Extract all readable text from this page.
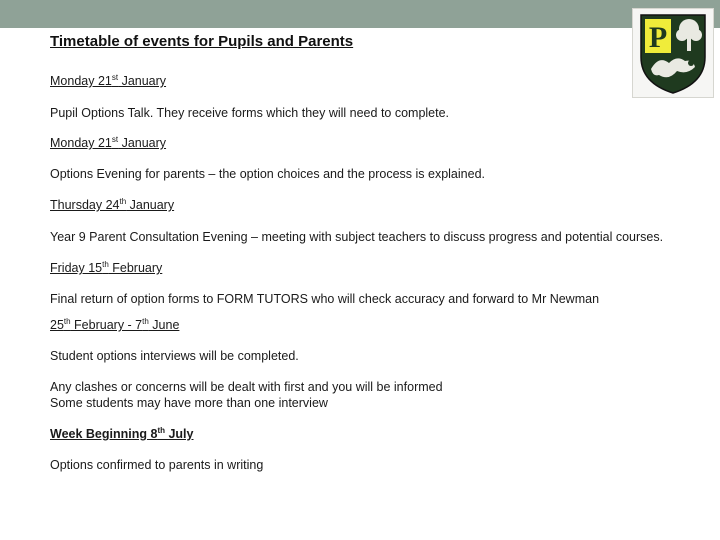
P
Timetable of events for Pupils and Parents
Monday 21st January
Pupil Options Talk. They receive forms which they will need to complete.
Monday 21st January
Options Evening for parents – the option choices and the process is explained.
Thursday 24th January
Year 9 Parent Consultation Evening – meeting with subject teachers to discuss progress and potential courses.
Friday 15th February
Final return of option forms to FORM TUTORS who will check accuracy and forward to Mr Newman
25th February - 7th June
Student options interviews will be completed.
Any clashes or concerns will be dealt with first and you will be informed
Some students may have more than one interview
Week Beginning 8th July
Options confirmed to parents in writing
